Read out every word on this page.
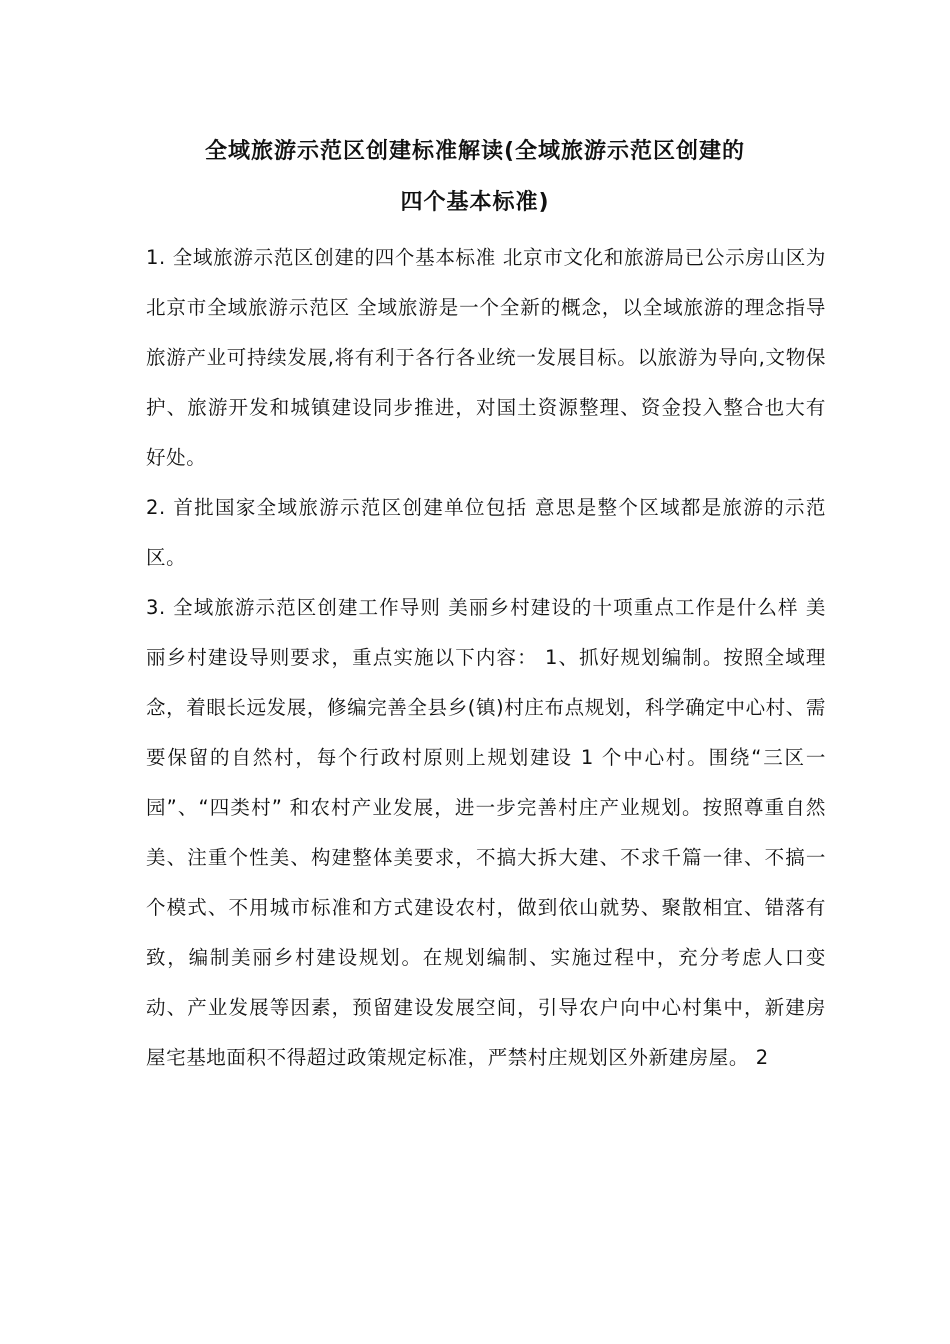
全域旅游示范区创建标准解读(全域旅游示范区创建的
四个基本标准)

1. 全域旅游示范区创建的四个基本标准 北京市文化和旅游局已公示房山区为北京市全域旅游示范区 全域旅游是一个全新的概念，以全域旅游的理念指导旅游产业可持续发展,将有利于各行各业统一发展目标。以旅游为导向,文物保护、旅游开发和城镇建设同步推进，对国土资源整理、资金投入整合也大有好处。

2. 首批国家全域旅游示范区创建单位包括 意思是整个区域都是旅游的示范区。

3. 全域旅游示范区创建工作导则 美丽乡村建设的十项重点工作是什么样 美丽乡村建设导则要求，重点实施以下内容： 1、抓好规划编制。按照全域理念，着眼长远发展，修编完善全县乡(镇)村庄布点规划，科学确定中心村、需要保留的自然村，每个行政村原则上规划建设 1 个中心村。围绕“三区一园”、“四类村” 和农村产业发展，进一步完善村庄产业规划。按照尊重自然美、注重个性美、构建整体美要求，不搞大拆大建、不求千篇一律、不搞一个模式、不用城市标准和方式建设农村，做到依山就势、聚散相宜、错落有致，编制美丽乡村建设规划。在规划编制、实施过程中，充分考虑人口变动、产业发展等因素，预留建设发展空间，引导农户向中心村集中，新建房屋宅基地面积不得超过政策规定标准，严禁村庄规划区外新建房屋。 2
